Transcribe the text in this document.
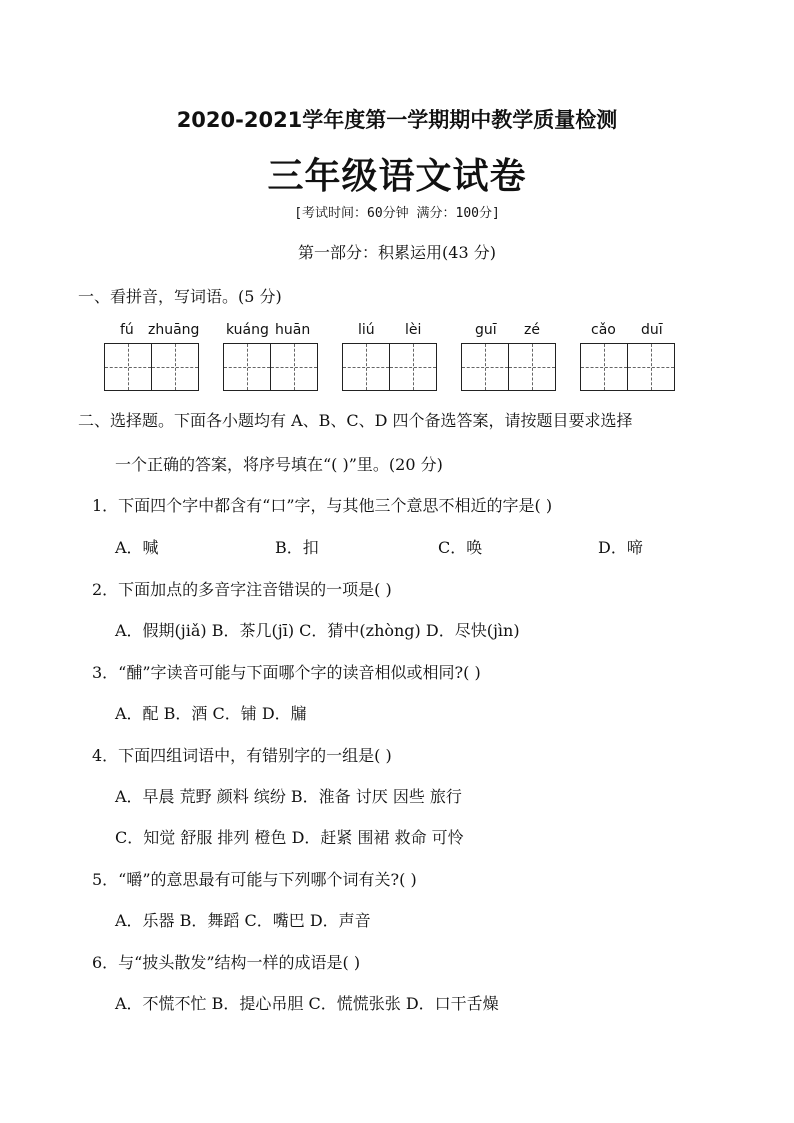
2020-2021学年度第一学期期中教学质量检测
三年级语文试卷
[考试时间：60分钟 满分：100分]
第一部分：积累运用(43 分)
一、看拼音，写词语。(5 分)
fú zhuāng kuáng huān	liú lèi	guī zé	cǎo duī
二、选择题。下面各小题均有 A、B、C、D 四个备选答案，请按题目要求选择
一个正确的答案，将序号填在“( )”里。(20 分)
1．下面四个字中都含有“口”字，与其他三个意思不相近的字是( )
A．喊	B．扣	C．唤	D．啼
2．下面加点的多音字注音错误的一项是( )
A．假期(jiǎ) B．茶几(jī) C．猜中(zhòng) D．尽快(jìn)
3．“酺”字读音可能与下面哪个字的读音相似或相同?( )
A．配 B．酒 C．铺 D．牖
4．下面四组词语中，有错别字的一组是( )
A．早晨 荒野 颜料 缤纷 B．淮备 讨厌 因些 旅行
C．知觉 舒服 排列 橙色 D．赶紧 围裙 救命 可怜
5．“嚼”的意思最有可能与下列哪个词有关?( )
A．乐器 B．舞蹈 C．嘴巴 D．声音
6．与“披头散发”结构一样的成语是( )
A．不慌不忙 B．提心吊胆 C．慌慌张张 D．口干舌燥
